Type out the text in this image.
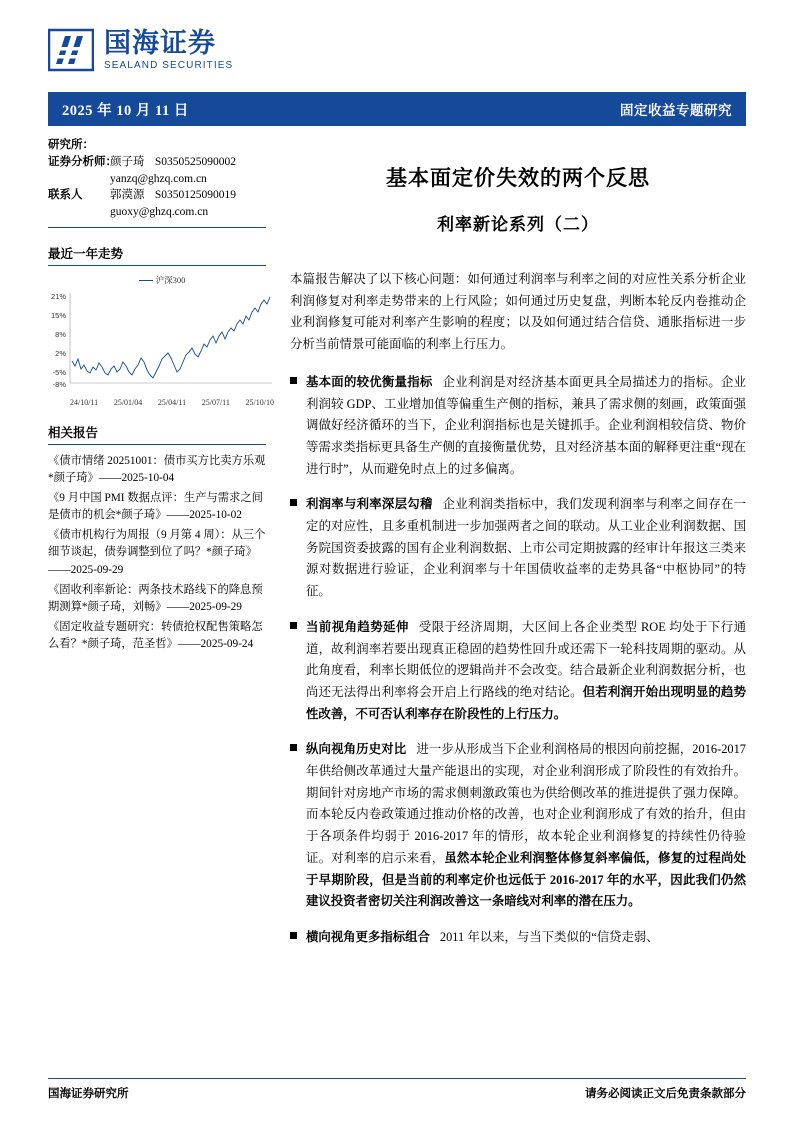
国海证券
SEALAND SECURITIES
2025 年 10 月 11 日	固定收益专题研究
研究所：
证券分析师：
颜子琦 S0350525090002
yanzq@ghzq.com.cn
联系人	郭漠源 S0350125090019
guoxy@ghzq.com.cn
最近一年走势
沪深300
21%
15%
8%
2%
-5%
-8%
24/10/11 25/01/04 25/04/11 25/07/11 25/10/10
相关报告
《债市情绪 20251001：债市买方比卖方乐观*颜子琦》——2025-10-04
《9 月中国 PMI 数据点评：生产与需求之间是债市的机会*颜子琦》——2025-10-02
《债市机构行为周报（9 月第 4 周）：从三个细节谈起，债券调整到位了吗？*颜子琦》——2025-09-29
《固收利率新论：两条技术路线下的降息预期测算*颜子琦，刘畅》——2025-09-29
《固定收益专题研究：转债抢权配售策略怎么看？*颜子琦，范圣哲》——2025-09-24
基本面定价失效的两个反思
利率新论系列（二）
本篇报告解决了以下核心问题：如何通过利润率与利率之间的对应性关系分析企业利润修复对利率走势带来的上行风险；如何通过历史复盘，判断本轮反内卷推动企业利润修复可能对利率产生影响的程度；以及如何通过结合信贷、通胀指标进一步分析当前情景可能面临的利率上行压力。
基本面的较优衡量指标 企业利润是对经济基本面更具全局描述力的指标。企业利润较 GDP、工业增加值等偏重生产侧的指标，兼具了需求侧的刻画，政策面强调做好经济循环的当下，企业利润指标也是关键抓手。企业利润相较信贷、物价等需求类指标更具备生产侧的直接衡量优势，且对经济基本面的解释更注重“现在进行时”，从而避免时点上的过多偏离。
利润率与利率深层勾稽 企业利润类指标中，我们发现利润率与利率之间存在一定的对应性，且多重机制进一步加强两者之间的联动。从工业企业利润数据、国务院国资委披露的国有企业利润数据、上市公司定期披露的经审计年报这三类来源对数据进行验证，企业利润率与十年国债收益率的走势具备“中枢协同”的特征。
当前视角趋势延伸 受限于经济周期，大区间上各企业类型 ROE 均处于下行通道，故利润率若要出现真正稳固的趋势性回升或还需下一轮科技周期的驱动。从此角度看，利率长期低位的逻辑尚并不会改变。结合最新企业利润数据分析，也尚还无法得出利率将会开启上行路线的绝对结论。但若利润开始出现明显的趋势性改善，不可否认利率存在阶段性的上行压力。
纵向视角历史对比 进一步从形成当下企业利润格局的根因向前挖掘，2016-2017 年供给侧改革通过大量产能退出的实现，对企业利润形成了阶段性的有效抬升。期间针对房地产市场的需求侧刺激政策也为供给侧改革的推进提供了强力保障。而本轮反内卷政策通过推动价格的改善，也对企业利润形成了有效的抬升，但由于各项条件均弱于 2016-2017 年的情形，故本轮企业利润修复的持续性仍待验证。对利率的启示来看，虽然本轮企业利润整体修复斜率偏低，修复的过程尚处于早期阶段，但是当前的利率定价也远低于 2016-2017 年的水平，因此我们仍然建议投资者密切关注利润改善这一条暗线对利率的潜在压力。
横向视角更多指标组合 2011 年以来，与当下类似的“信贷走弱、
国海证券研究所	请务必阅读正文后免责条款部分
